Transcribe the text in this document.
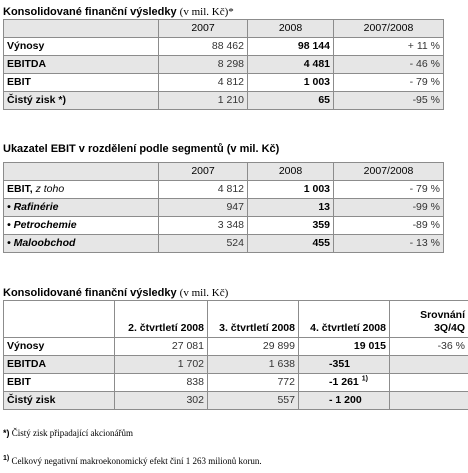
Konsolidované finanční výsledky (v mil. Kč)*
	2007	2008	2007/2008
Výnosy	88 462	98 144	+ 11 %
EBITDA	8 298	4 481	- 46 %
EBIT	4 812	1 003	- 79 %
Čistý zisk *)	1 210	65	-95 %
Ukazatel EBIT v rozdělení podle segmentů (v mil. Kč)
	2007	2008	2007/2008
EBIT, z toho	4 812	1 003	- 79 %
• Rafinérie	947	13	-99 %
• Petrochemie	3 348	359	-89 %
• Maloobchod	524	455	- 13 %
Konsolidované finanční výsledky (v mil. Kč)
	2. čtvrtletí 2008	3. čtvrtletí 2008	4. čtvrtletí 2008	Srovnání 3Q/4Q
Výnosy	27 081	29 899	19 015	-36 %
EBITDA	1 702	1 638	-351	
EBIT	838	772	-1 261 $^{1)}$	
Čistý zisk	302	557	- 1 200	
*) Čistý zisk připadající akcionářům
$^{1)}$ Celkový negativní makroekonomický efekt činí 1 263 milionů korun.
